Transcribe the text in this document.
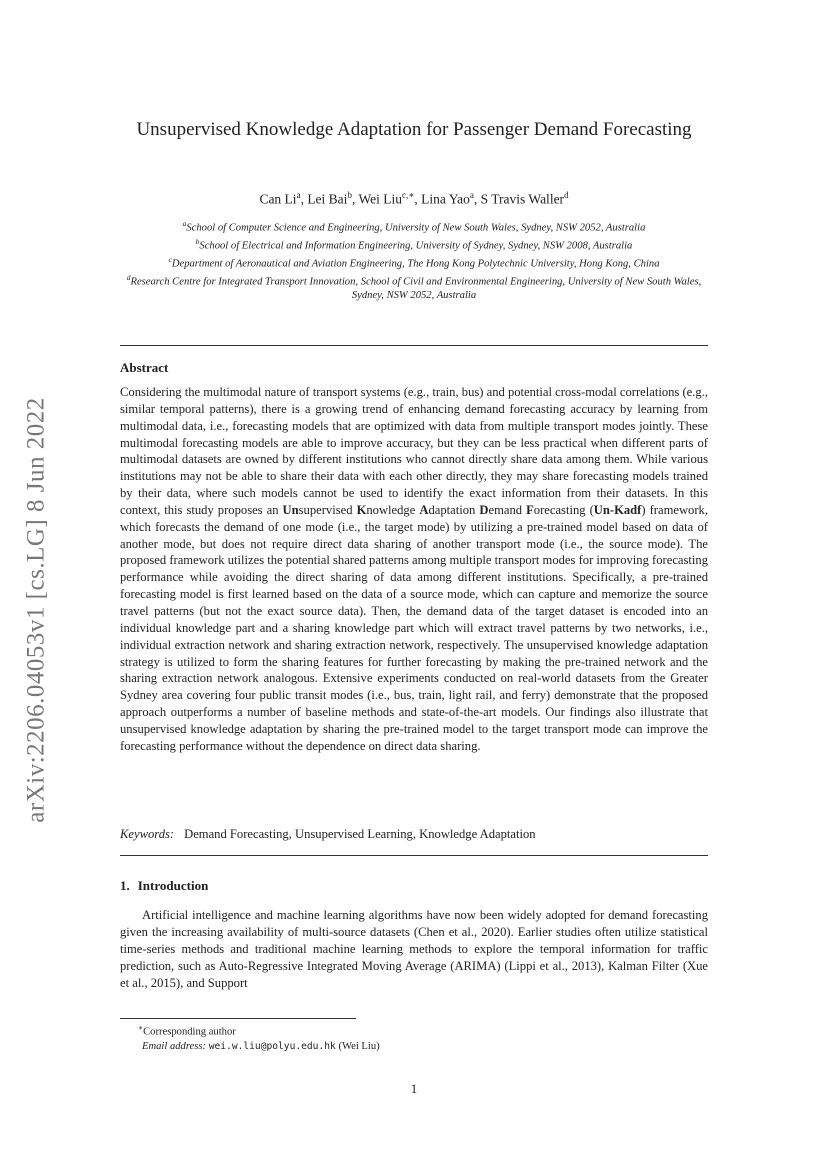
arXiv:2206.04053v1 [cs.LG] 8 Jun 2022
Unsupervised Knowledge Adaptation for Passenger Demand Forecasting
Can Li$^a$, Lei Bai$^b$, Wei Liu$^{c,∗}$, Lina Yao$^a$, S Travis Waller$^d$
$^a$School of Computer Science and Engineering, University of New South Wales, Sydney, NSW 2052, Australia
$^b$School of Electrical and Information Engineering, University of Sydney, Sydney, NSW 2008, Australia
$^c$Department of Aeronautical and Aviation Engineering, The Hong Kong Polytechnic University, Hong Kong, China
$^d$Research Centre for Integrated Transport Innovation, School of Civil and Environmental Engineering, University of New South Wales, Sydney, NSW 2052, Australia
Abstract
Considering the multimodal nature of transport systems (e.g., train, bus) and potential cross-modal correlations (e.g., similar temporal patterns), there is a growing trend of enhancing demand forecasting accuracy by learning from multimodal data, i.e., forecasting models that are optimized with data from multiple transport modes jointly. These multimodal forecasting models are able to improve accuracy, but they can be less practical when different parts of multimodal datasets are owned by different institutions who cannot directly share data among them. While various institutions may not be able to share their data with each other directly, they may share forecasting models trained by their data, where such models cannot be used to identify the exact information from their datasets. In this context, this study proposes an Unsupervised Knowledge Adaptation Demand Forecasting (Un-Kadf) framework, which forecasts the demand of one mode (i.e., the target mode) by utilizing a pre-trained model based on data of another mode, but does not require direct data sharing of another transport mode (i.e., the source mode). The proposed framework utilizes the potential shared patterns among multiple transport modes for improving forecasting performance while avoiding the direct sharing of data among different institutions. Specifically, a pre-trained forecasting model is first learned based on the data of a source mode, which can capture and memorize the source travel patterns (but not the exact source data). Then, the demand data of the target dataset is encoded into an individual knowledge part and a sharing knowledge part which will extract travel patterns by two networks, i.e., individual extraction network and sharing extraction network, respectively. The unsupervised knowledge adaptation strategy is utilized to form the sharing features for further forecasting by making the pre-trained network and the sharing extraction network analogous. Extensive experiments conducted on real-world datasets from the Greater Sydney area covering four public transit modes (i.e., bus, train, light rail, and ferry) demonstrate that the proposed approach outperforms a number of baseline methods and state-of-the-art models. Our findings also illustrate that unsupervised knowledge adaptation by sharing the pre-trained model to the target transport mode can improve the forecasting performance without the dependence on direct data sharing.
Keywords: Demand Forecasting, Unsupervised Learning, Knowledge Adaptation
1. Introduction
Artificial intelligence and machine learning algorithms have now been widely adopted for demand forecasting given the increasing availability of multi-source datasets (Chen et al., 2020). Earlier studies often utilize statistical time-series methods and traditional machine learning methods to explore the temporal information for traffic prediction, such as Auto-Regressive Integrated Moving Average (ARIMA) (Lippi et al., 2013), Kalman Filter (Xue et al., 2015), and Support
∗Corresponding author
Email address: wei.w.liu@polyu.edu.hk (Wei Liu)
1
